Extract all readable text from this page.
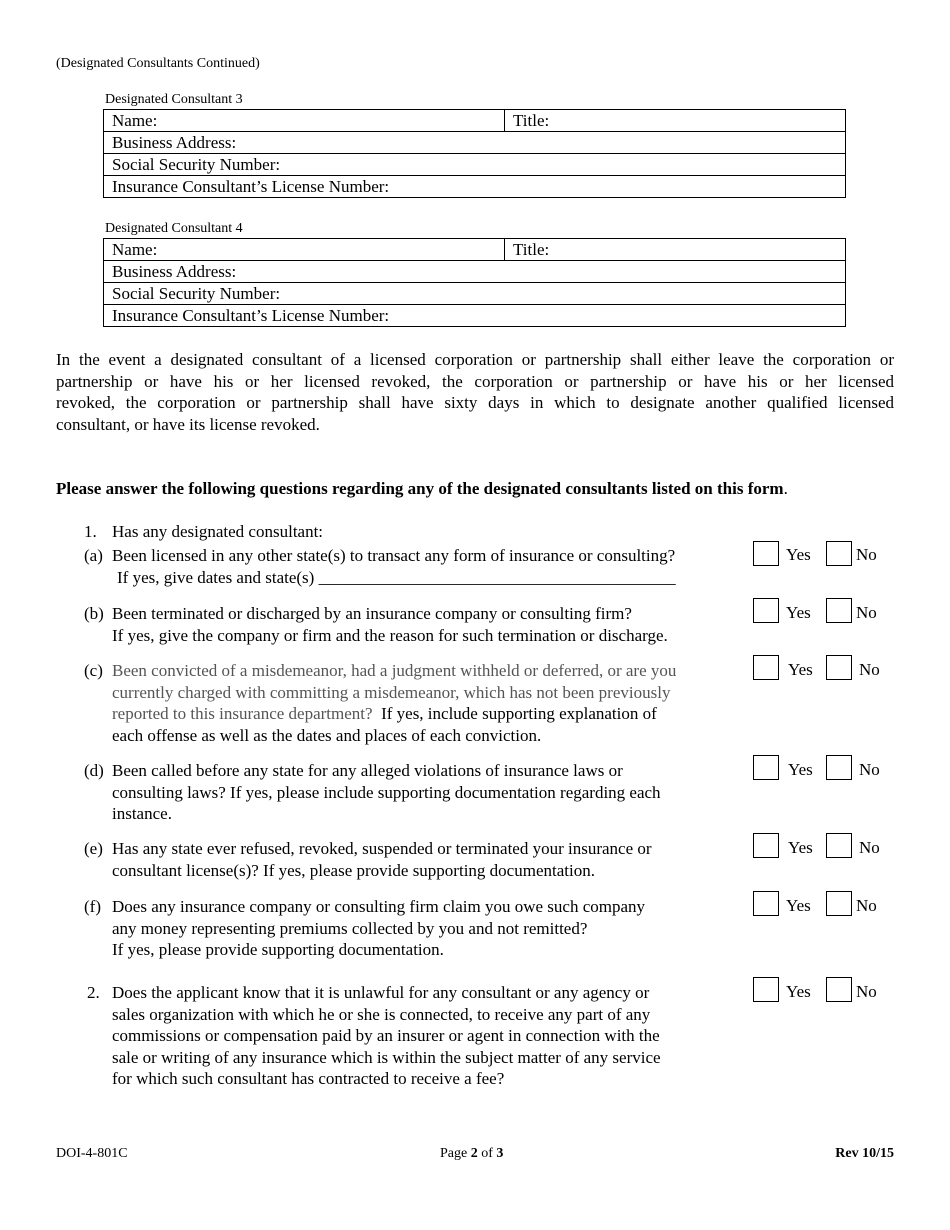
(Designated Consultants Continued)
Designated Consultant 3
Name:	Title:
Business Address:
Social Security Number:
Insurance Consultant’s License Number:
Designated Consultant 4
Name:	Title:
Business Address:
Social Security Number:
Insurance Consultant’s License Number:
In the event a designated consultant of a licensed corporation or partnership shall either leave the corporation or
partnership or have his or her licensed revoked, the corporation or partnership or have his or her licensed
revoked, the corporation or partnership shall have sixty days in which to designate another qualified licensed
consultant, or have its license revoked.
Please answer the following questions regarding any of the designated consultants listed on this form.
1. Has any designated consultant:
(a) Been licensed in any other state(s) to transact any form of insurance or consulting?
If yes, give dates and state(s) __________________________________________
Yes	No
(b) Been terminated or discharged by an insurance company or consulting firm?
If yes, give the company or firm and the reason for such termination or discharge.
Yes	No
(c) Been convicted of a misdemeanor, had a judgment withheld or deferred, or are you
currently charged with committing a misdemeanor, which has not been previously
reported to this insurance department? If yes, include supporting explanation of
each offense as well as the dates and places of each conviction.
Yes	No
(d) Been called before any state for any alleged violations of insurance laws or
consulting laws? If yes, please include supporting documentation regarding each
instance.
Yes	No
(e) Has any state ever refused, revoked, suspended or terminated your insurance or
consultant license(s)? If yes, please provide supporting documentation.
Yes	No
(f) Does any insurance company or consulting firm claim you owe such company
any money representing premiums collected by you and not remitted?
If yes, please provide supporting documentation.
Yes	No
2. Does the applicant know that it is unlawful for any consultant or any agency or
sales organization with which he or she is connected, to receive any part of any
commissions or compensation paid by an insurer or agent in connection with the
sale or writing of any insurance which is within the subject matter of any service
for which such consultant has contracted to receive a fee?
Yes	No
DOI-4-801C	Page 2 of 3	Rev 10/15
